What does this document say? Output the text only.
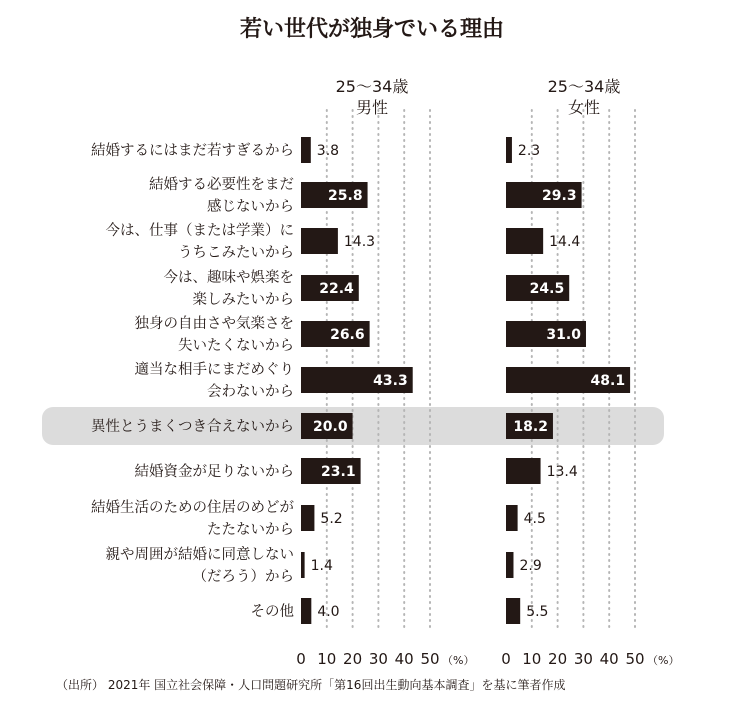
若い世代が独身でいる理由
（出所） 2021年 国立社会保障・人口問題研究所「第16回出生動向基本調査」を基に筆者作成
25～34歳
男性
25～34歳
女性
結婚するにはまだ若すぎるから
結婚する必要性をまだ
感じないから
今は、仕事（または学業）に
うちこみたいから
今は、趣味や娯楽を
楽しみたいから
独身の自由さや気楽さを
失いたくないから
適当な相手にまだめぐり
会わないから
異性とうまくつき合えないから
結婚資金が足りないから
結婚生活のための住居のめどが
たたないから
親や周囲が結婚に同意しない
（だろう）から
その他
3.8
25.8
14.3
22.4
26.6
43.3
20.0
23.1
5.2
1.4
4.0
2.3
29.3
14.4
24.5
31.0
48.1
18.2
13.4
4.5
2.9
5.5
0 10 20 30 40 50 （%） 0 10 20 30 40 50 （%）
